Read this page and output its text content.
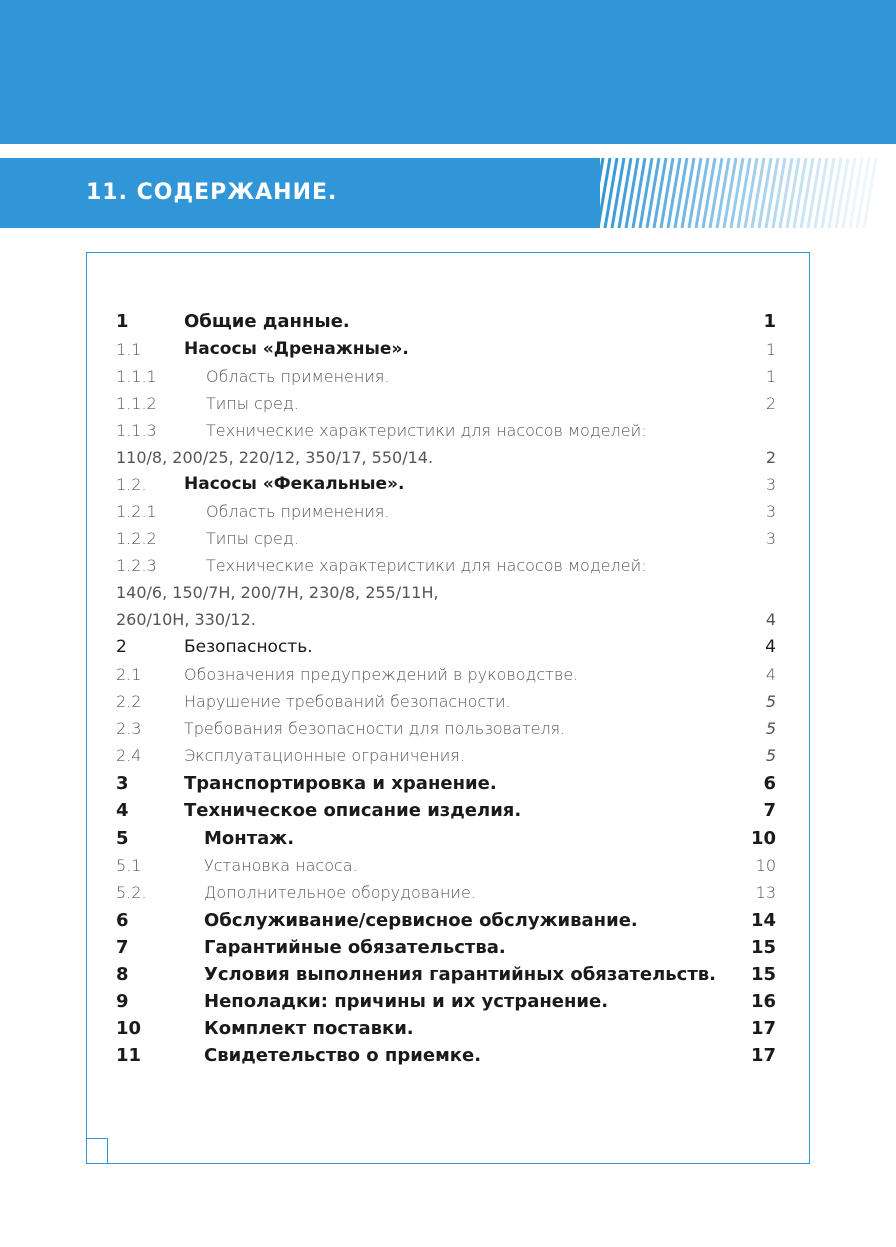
11. СОДЕРЖАНИЕ.
1	Общие данные.	1
1.1	Насосы «Дренажные».	1
1.1.1	Область применения.	1
1.1.2	Типы сред.	2
1.1.3	Технические характеристики для насосов моделей:
110/8, 200/25, 220/12, 350/17, 550/14.	2
1.2. Насосы «Фекальные».	3
1.2.1	Область применения.	3
1.2.2	Типы сред.	3
1.2.3	Технические характеристики для насосов моделей:
140/6, 150/7Н, 200/7Н, 230/8, 255/11Н,
260/10Н, 330/12.	4
2	Безопасность.	4
2.1	Обозначения предупреждений в руководстве.	4
2.2	Нарушение требований безопасности.	5
2.3	Требования безопасности для пользователя.	5
2.4	Эксплуатационные ограничения.	5
3	Транспортировка и хранение.	6
4	Техническое описание изделия.	7
5	Монтаж.	10
5.1	Установка насоса.	10
5.2.	Дополнительное оборудование.	13
6	Обслуживание/сервисное обслуживание.	14
7	Гарантийные обязательства.	15
8	Условия выполнения гарантийных обязательств. 15
9	Неполадки: причины и их устранение.	16
10	Комплект поставки.	17
11	Свидетельство о приемке.	17
